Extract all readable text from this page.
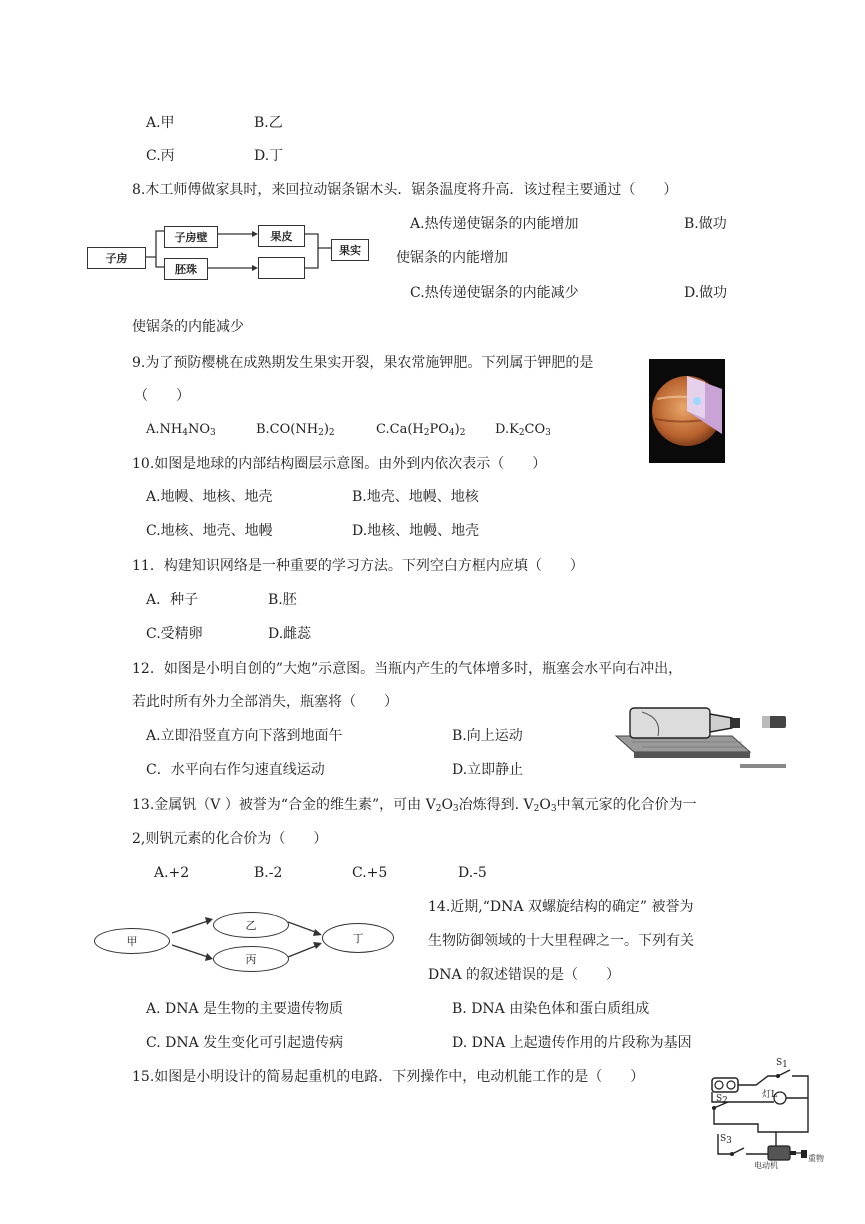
A.甲	B.乙
C.丙	D.丁
8.木工师傅做家具时，来回拉动锯条锯木头．锯条温度将升高．该过程主要通过（　　）
A.热传递使锯条的内能增加	B.做功
使锯条的内能增加
C.热传递使锯条的内能减少	D.做功
使锯条的内能减少
子房
子房壁
胚珠
果皮
果实
9.为了预防樱桃在成熟期发生果实开裂，果农常施钾肥。下列属于钾肥的是
（　　）
$A.NH_4NO_3$	$B.CO(NH_2)_2$	$C.Ca(H_2PO_4)_2$ $D.K_2CO_3$
10.如图是地球的内部结构圈层示意图。由外到内依次表示（　　）
A.地幔、地核、地壳	B.地壳、地幔、地核
C.地核、地壳、地幔	D.地核、地幔、地壳
11．构建知识网络是一种重要的学习方法。下列空白方框内应填（　　）
A．种子	B.胚
C.受精卵	D.雌蕊
12．如图是小明自创的”大炮”示意图。当瓶内产生的气体增多时，瓶塞会水平向右冲出，
若此时所有外力全部消失，瓶塞将（　　）
A.立即沿竖直方向下落到地面午	B.向上运动
C．水平向右作匀速直线运动	D.立即静止
13.金属钒（V ）被誉为“合金的维生素”，可由 $V_2O_3$冶炼得到. $V_2O_3$中氧元家的化合价为一
2,则钒元素的化合价为（　　）
A.+2	B.-2	C.+5	D.-5
甲
乙
丙
丁
14.近期,“DNA 双螺旋结构的确定” 被誉为
生物防御领域的十大里程碑之一。下列有关
DNA 的叙述错误的是（　　）
A. DNA 是生物的主要遗传物质	B. DNA 由染色体和蛋白质组成
C. DNA 发生变化可引起遗传病	D. DNA 上起遗传作用的片段称为基因
15.如图是小明设计的简易起重机的电路．下列操作中，电动机能工作的是（　　）
$S_1$
$S_2$
$S_3$
灯L
电动机
重物
